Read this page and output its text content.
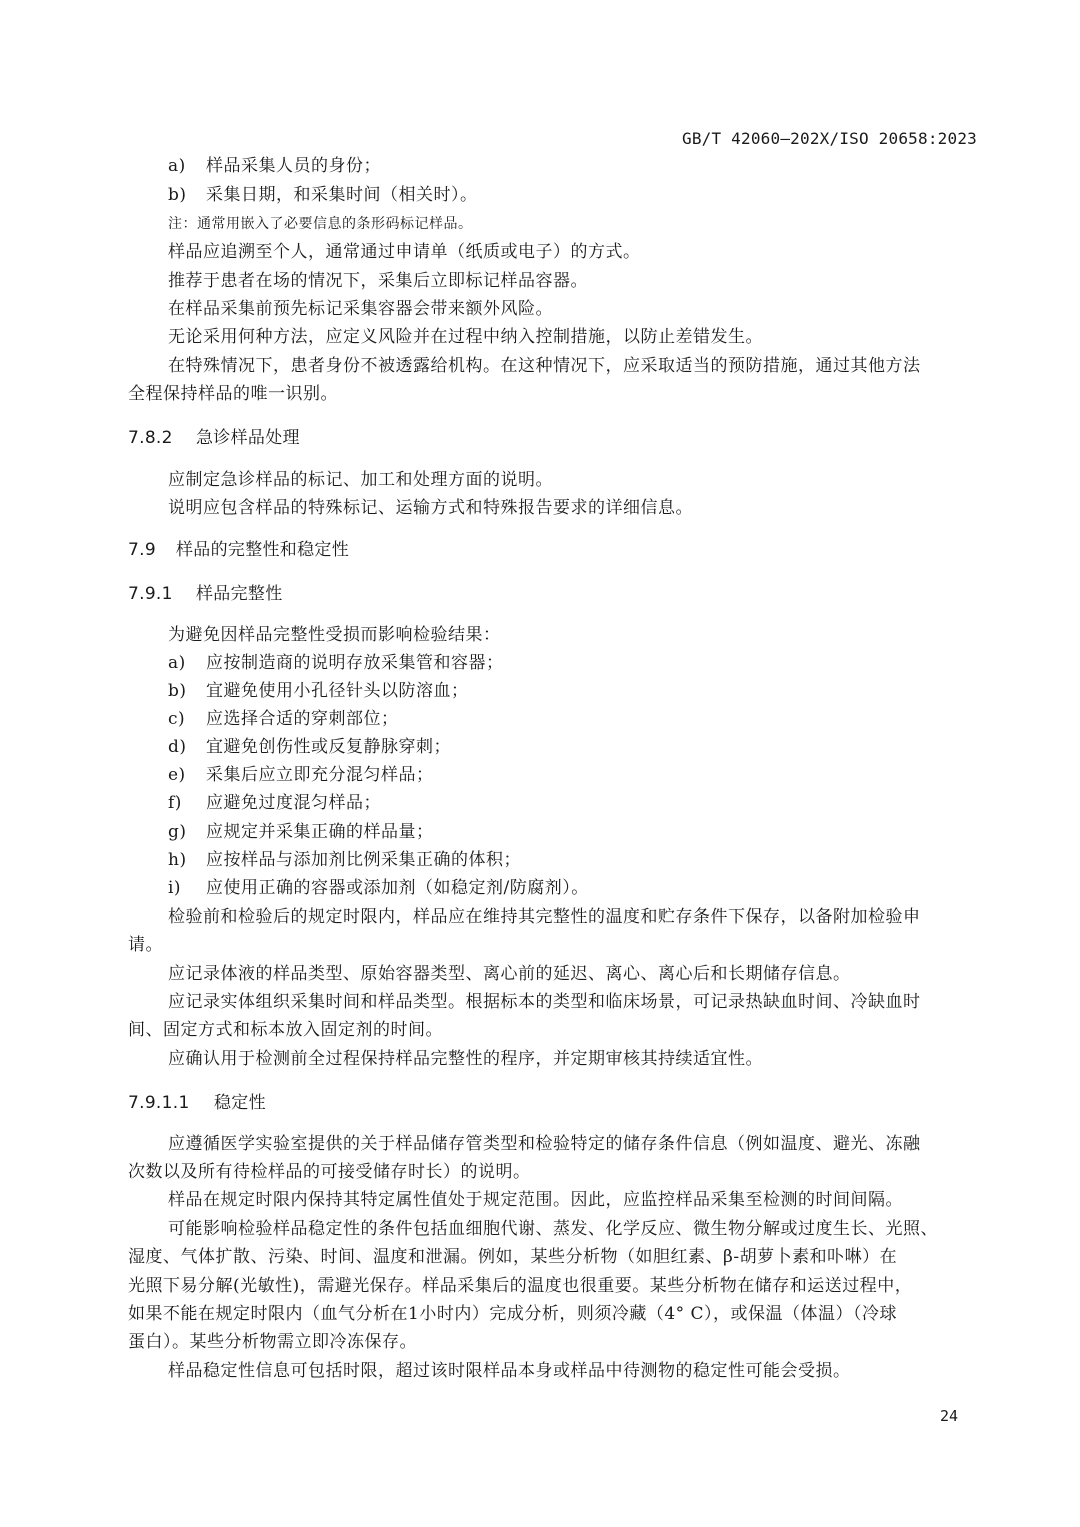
GB/T 42060—202X/ISO 20658:2023
a) 样品采集人员的身份；
b) 采集日期，和采集时间（相关时）。
注：通常用嵌入了必要信息的条形码标记样品。
样品应追溯至个人，通常通过申请单（纸质或电子）的方式。
推荐于患者在场的情况下，采集后立即标记样品容器。
在样品采集前预先标记采集容器会带来额外风险。
无论采用何种方法，应定义风险并在过程中纳入控制措施，以防止差错发生。
在特殊情况下，患者身份不被透露给机构。在这种情况下，应采取适当的预防措施，通过其他方法
全程保持样品的唯一识别。
7.8.2 急诊样品处理
应制定急诊样品的标记、加工和处理方面的说明。
说明应包含样品的特殊标记、运输方式和特殊报告要求的详细信息。
7.9 样品的完整性和稳定性
7.9.1 样品完整性
为避免因样品完整性受损而影响检验结果：
a) 应按制造商的说明存放采集管和容器；
b) 宜避免使用小孔径针头以防溶血；
c) 应选择合适的穿刺部位；
d) 宜避免创伤性或反复静脉穿刺；
e) 采集后应立即充分混匀样品；
f) 应避免过度混匀样品；
g) 应规定并采集正确的样品量；
h) 应按样品与添加剂比例采集正确的体积；
i) 应使用正确的容器或添加剂（如稳定剂/防腐剂）。
检验前和检验后的规定时限内，样品应在维持其完整性的温度和贮存条件下保存，以备附加检验申
请。
应记录体液的样品类型、原始容器类型、离心前的延迟、离心、离心后和长期储存信息。
应记录实体组织采集时间和样品类型。根据标本的类型和临床场景，可记录热缺血时间、冷缺血时
间、固定方式和标本放入固定剂的时间。
应确认用于检测前全过程保持样品完整性的程序，并定期审核其持续适宜性。
7.9.1.1 稳定性
应遵循医学实验室提供的关于样品储存管类型和检验特定的储存条件信息（例如温度、避光、冻融
次数以及所有待检样品的可接受储存时长）的说明。
样品在规定时限内保持其特定属性值处于规定范围。因此，应监控样品采集至检测的时间间隔。
可能影响检验样品稳定性的条件包括血细胞代谢、蒸发、化学反应、微生物分解或过度生长、光照、
湿度、气体扩散、污染、时间、温度和泄漏。例如，某些分析物（如胆红素、β-胡萝卜素和卟啉）在
光照下易分解(光敏性)，需避光保存。样品采集后的温度也很重要。某些分析物在储存和运送过程中，
如果不能在规定时限内（血气分析在1小时内）完成分析，则须冷藏（4° C），或保温（体温）（冷球
蛋白）。某些分析物需立即冷冻保存。
样品稳定性信息可包括时限，超过该时限样品本身或样品中待测物的稳定性可能会受损。
24
